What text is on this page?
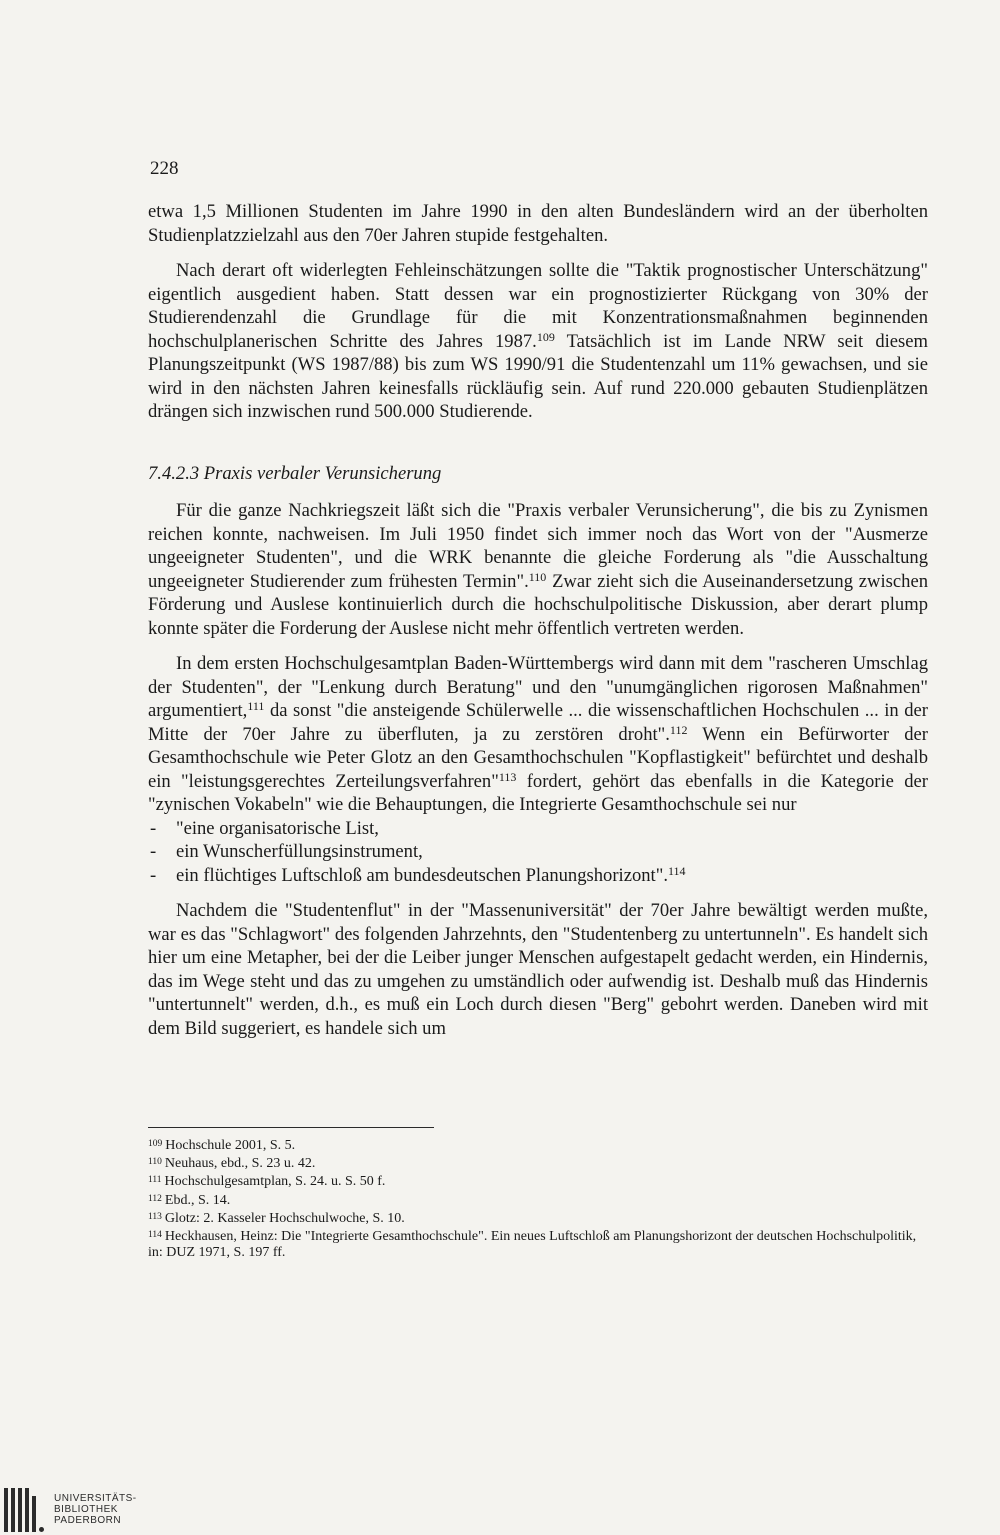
228

etwa 1,5 Millionen Studenten im Jahre 1990 in den alten Bundesländern wird an der überholten Studienplatzzielzahl aus den 70er Jahren stupide festgehalten.

Nach derart oft widerlegten Fehleinschätzungen sollte die "Taktik prognostischer Unterschätzung" eigentlich ausgedient haben. Statt dessen war ein prognostizierter Rückgang von 30% der Studierendenzahl die Grundlage für die mit Konzentrationsmaßnahmen beginnenden hochschulplanerischen Schritte des Jahres 1987.$^{109}$ Tatsächlich ist im Lande NRW seit diesem Planungszeitpunkt (WS 1987/88) bis zum WS 1990/91 die Studentenzahl um 11% gewachsen, und sie wird in den nächsten Jahren keinesfalls rückläufig sein. Auf rund 220.000 gebauten Studienplätzen drängen sich inzwischen rund 500.000 Studierende.

7.4.2.3 Praxis verbaler Verunsicherung

Für die ganze Nachkriegszeit läßt sich die "Praxis verbaler Verunsicherung", die bis zu Zynismen reichen konnte, nachweisen. Im Juli 1950 findet sich immer noch das Wort von der "Ausmerze ungeeigneter Studenten", und die WRK benannte die gleiche Forderung als "die Ausschaltung ungeeigneter Studierender zum frühesten Termin".$^{110}$ Zwar zieht sich die Auseinandersetzung zwischen Förderung und Auslese kontinuierlich durch die hochschulpolitische Diskussion, aber derart plump konnte später die Forderung der Auslese nicht mehr öffentlich vertreten werden.

In dem ersten Hochschulgesamtplan Baden-Württembergs wird dann mit dem "rascheren Umschlag der Studenten", der "Lenkung durch Beratung" und den "unumgänglichen rigorosen Maßnahmen" argumentiert,$^{111}$ da sonst "die ansteigende Schülerwelle ... die wissenschaftlichen Hochschulen ... in der Mitte der 70er Jahre zu überfluten, ja zu zerstören droht".$^{112}$ Wenn ein Befürworter der Gesamthochschule wie Peter Glotz an den Gesamthochschulen "Kopflastigkeit" befürchtet und deshalb ein "leistungsgerechtes Zerteilungsverfahren"$^{113}$ fordert, gehört das ebenfalls in die Kategorie der "zynischen Vokabeln" wie die Behauptungen, die Integrierte Gesamthochschule sei nur

- "eine organisatorische List,
- ein Wunscherfüllungsinstrument,
- ein flüchtiges Luftschloß am bundesdeutschen Planungshorizont".$^{114}$

Nachdem die "Studentenflut" in der "Massenuniversität" der 70er Jahre bewältigt werden mußte, war es das "Schlagwort" des folgenden Jahrzehnts, den "Studentenberg zu untertunneln". Es handelt sich hier um eine Metapher, bei der die Leiber junger Menschen aufgestapelt gedacht werden, ein Hindernis, das im Wege steht und das zu umgehen zu umständlich oder aufwendig ist. Deshalb muß das Hindernis "untertunnelt" werden, d.h., es muß ein Loch durch diesen "Berg" gebohrt werden. Daneben wird mit dem Bild suggeriert, es handele sich um

$^{109}$ Hochschule 2001, S. 5.
$^{110}$ Neuhaus, ebd., S. 23 u. 42.
$^{111}$ Hochschulgesamtplan, S. 24. u. S. 50 f.
$^{112}$ Ebd., S. 14.
$^{113}$ Glotz: 2. Kasseler Hochschulwoche, S. 10.
$^{114}$ Heckhausen, Heinz: Die "Integrierte Gesamthochschule". Ein neues Luftschloß am Planungshorizont der deutschen Hochschulpolitik, in: DUZ 1971, S. 197 ff.
UNIVERSITÄTS-
BIBLIOTHEK
PADERBORN
